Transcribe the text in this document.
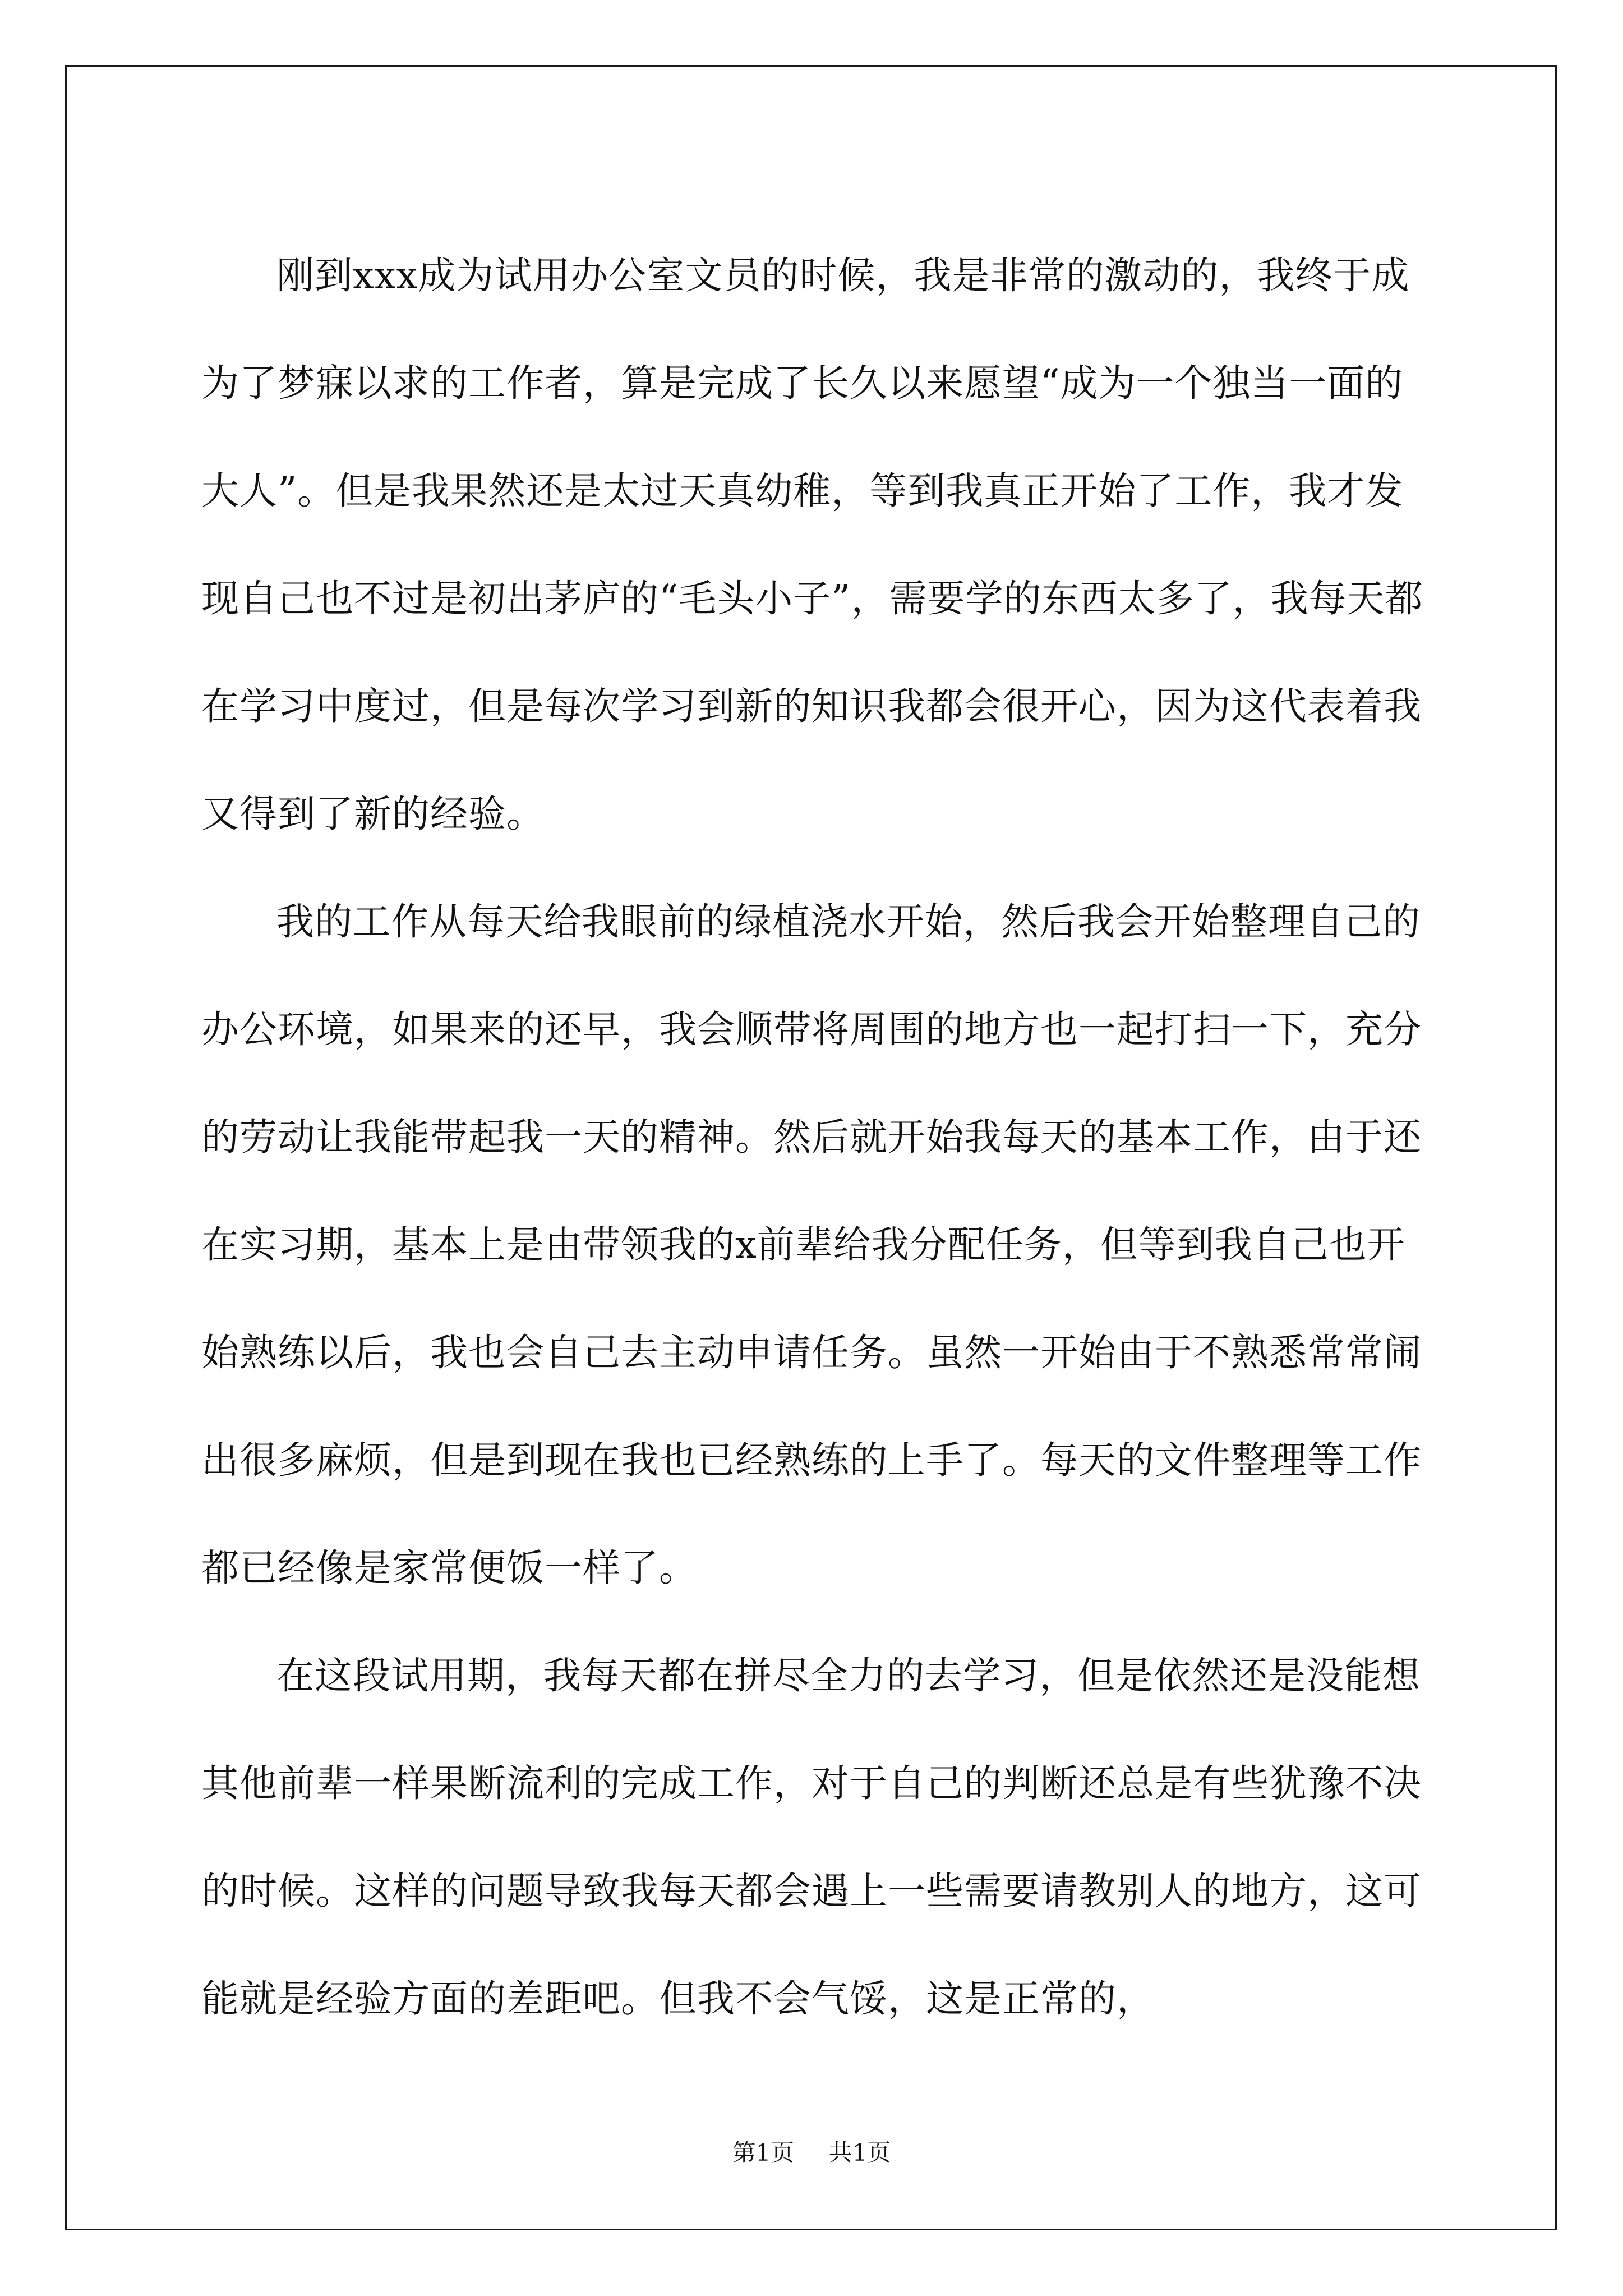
刚到xxx成为试用办公室文员的时候，我是非常的激动的，我终于成为了梦寐以求的工作者，算是完成了长久以来愿望“成为一个独当一面的大人”。但是我果然还是太过天真幼稚，等到我真正开始了工作，我才发现自己也不过是初出茅庐的“毛头小子”，需要学的东西太多了，我每天都在学习中度过，但是每次学习到新的知识我都会很开心，因为这代表着我又得到了新的经验。

我的工作从每天给我眼前的绿植浇水开始，然后我会开始整理自己的办公环境，如果来的还早，我会顺带将周围的地方也一起打扫一下，充分的劳动让我能带起我一天的精神。然后就开始我每天的基本工作，由于还在实习期，基本上是由带领我的x前辈给我分配任务，但等到我自己也开始熟练以后，我也会自己去主动申请任务。虽然一开始由于不熟悉常常闹出很多麻烦，但是到现在我也已经熟练的上手了。每天的文件整理等工作都已经像是家常便饭一样了。

在这段试用期，我每天都在拼尽全力的去学习，但是依然还是没能想其他前辈一样果断流利的完成工作，对于自己的判断还总是有些犹豫不决的时候。这样的问题导致我每天都会遇上一些需要请教别人的地方，这可能就是经验方面的差距吧。但我不会气馁，这是正常的，

第1页 共1页
